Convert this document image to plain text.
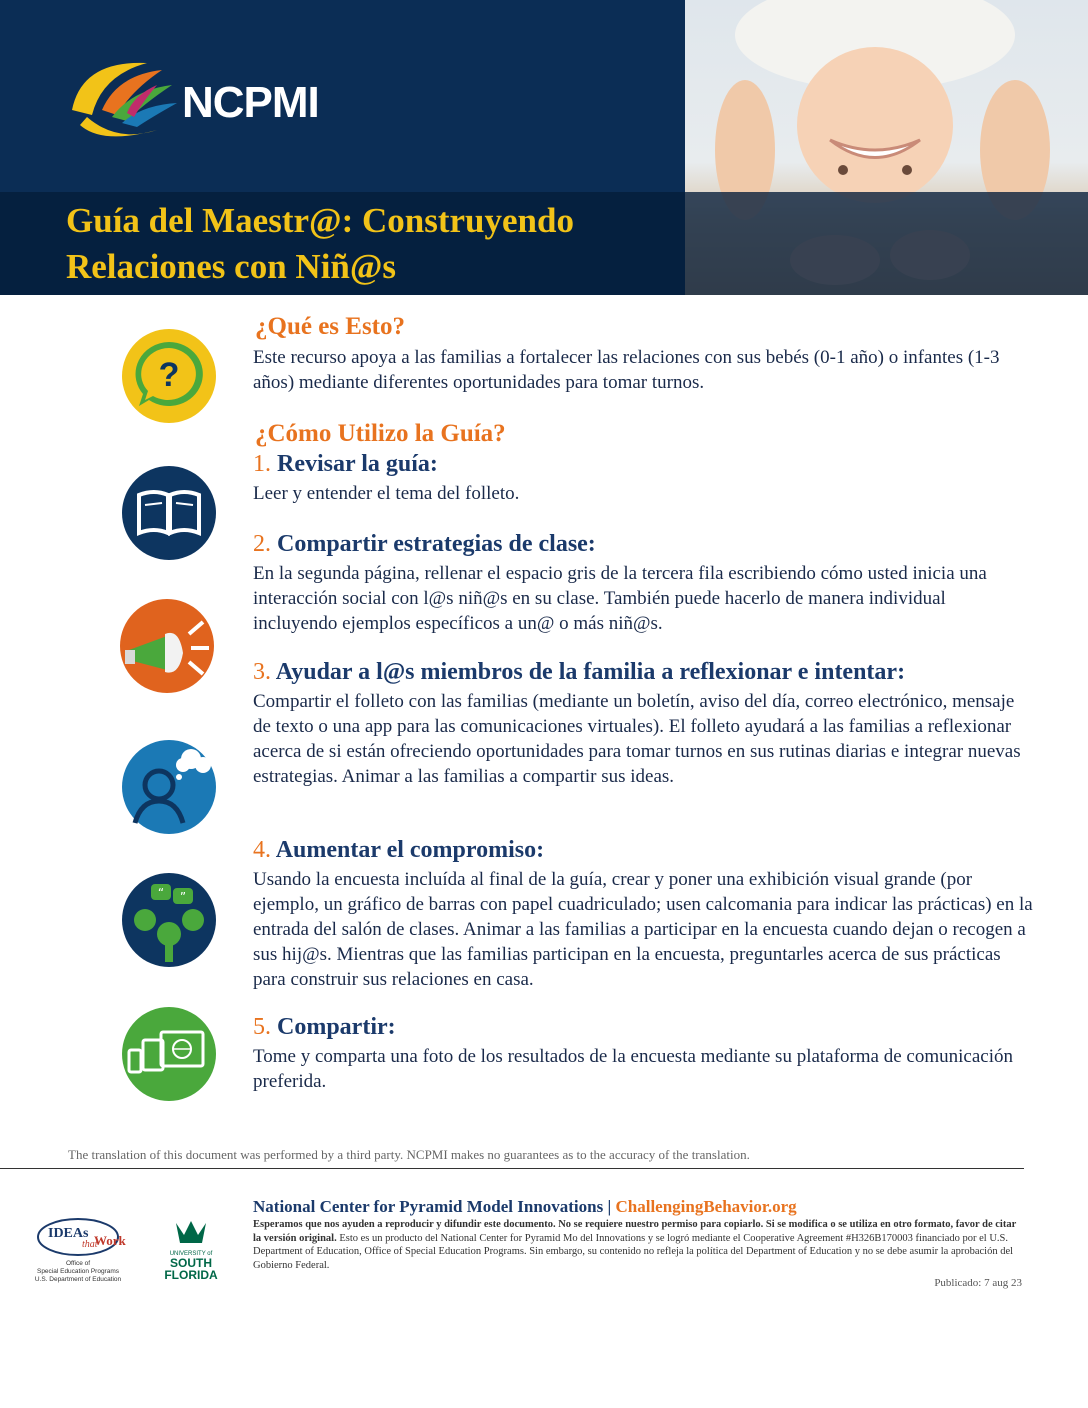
NCPMI
Guía del Maestr@: Construyendo Relaciones con Niñ@s
?
“ ”
¿Qué es Esto?
Este recurso apoya a las familias a fortalecer las relaciones con sus bebés (0-1 año) o infantes (1-3 años) mediante diferentes oportunidades para tomar turnos.
¿Cómo Utilizo la Guía?
1. Revisar la guía:
Leer y entender el tema del folleto.
2. Compartir estrategias de clase:
En la segunda página, rellenar el espacio gris de la tercera fila escribiendo cómo usted inicia una interacción social con l@s niñ@s en su clase. También puede hacerlo de manera individual incluyendo ejemplos específicos a un@ o más niñ@s.
3. Ayudar a l@s miembros de la familia a reflexionar e intentar:
Compartir el folleto con las familias (mediante un boletín, aviso del día, correo electrónico, mensaje de texto o una app para las comunicaciones virtuales). El folleto ayudará a las familias a reflexionar acerca de si están ofreciendo oportunidades para tomar turnos en sus rutinas diarias e integrar nuevas estrategias. Animar a las familias a compartir sus ideas.
4. Aumentar el compromiso:
Usando la encuesta incluída al final de la guía, crear y poner una exhibición visual grande (por ejemplo, un gráfico de barras con papel cuadriculado; usen calcomania para indicar las prácticas) en la entrada del salón de clases. Animar a las familias a participar en la encuesta cuando dejan o recogen a sus hij@s. Mientras que las familias participan en la encuesta, preguntarles acerca de sus prácticas para construir sus relaciones en casa.
5. Compartir:
Tome y comparta una foto de los resultados de la encuesta mediante su plataforma de comunicación preferida.
The translation of this document was performed by a third party. NCPMI makes no guarantees as to the accuracy of the translation.
IDEAs
that
Work
Office of
Special Education Programs
U.S. Department of Education
UNIVERSITY of
SOUTH
FLORIDA
National Center for Pyramid Model Innovations | ChallengingBehavior.org
Esperamos que nos ayuden a reproducir y difundir este documento. No se requiere nuestro permiso para copiarlo. Si se modifica o se utiliza en otro formato, favor de citar la versión original. Esto es un producto del National Center for Pyramid Mo del Innovations y se logró mediante el Cooperative Agreement #H326B170003 financiado por el U.S. Department of Education, Office of Special Education Programs. Sin embargo, su contenido no refleja la política del Department of Education y no se debe asumir la aprobación del Gobierno Federal.
Publicado: 7 aug 23
